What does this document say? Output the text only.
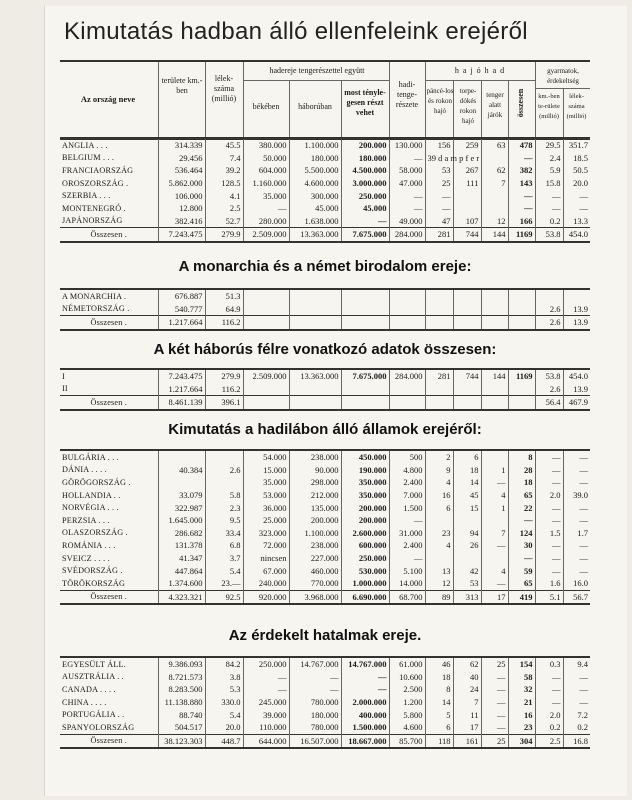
Kimutatás hadban álló ellenfeleink erejéről
Az ország neve
területe km.-ben
lélek-száma (millió)
hadereje tengerészettel együtt
békében	háborúban
most tényle-gesen részt vehet
hadi-tenge-részete
h a j ó h a d
páncé-los és rokon hajó
torpe-dókés rokon hajó
tenger alatt járók	összesen
gyarmatok, érdekeltség
km.-ben te-rülete (millió)
lélek-száma (millió)
ANGLIA . . .	314.339	45.5	380.000	1.100.000	200.000	130.000	156	259	63	478	29.5	351.7
BELGIUM . . .	29.456	7.4	50.000	180.000	180.000	—	39 d a m p f e r			—	2.4	18.5
FRANCIAORSZÁG	536.464	39.2	604.000	5.500.000	4.500.000	58.000	53	267	62	382	5.9	50.5
OROSZORSZÁG .	5.862.000	128.5	1.160.000	4.600.000	3.000.000	47.000	25	111	7	143	15.8	20.0
SZERBIA . . .	106.000	4.1	35.000	300.000	250.000	—	—			—	—	—
MONTENEGRÓ .	12.800	2.5	—	45.000	45.000	—	—			—	—	—
JAPÁNORSZÁG	382.416	52.7	280.000	1.638.000	—	49.000	47	107	12	166	0.2	13.3
Összesen .	7.243.475	279.9	2.509.000	13.363.000	7.675.000	284.000	281	744	144	1169	53.8	454.0
A monarchia és a német birodalom ereje:
A MONARCHIA .	676.887	51.3										
NÉMETORSZÁG .	540.777	64.9									2.6	13.9
Összesen .	1.217.664	116.2									2.6	13.9
A két háborús félre vonatkozó adatok összesen:
I	7.243.475	279.9	2.509.000	13.363.000	7.675.000	284.000	281	744	144	1169	53.8	454.0
II	1.217.664	116.2									2.6	13.9
Összesen .	8.461.139	396.1									56.4	467.9
Kimutatás a hadilábon álló államok erejéről:
BULGÁRIA . . .			54.000	238.000	450.000	500	2	6		8	—	—
DÁNIA . . . .	40.384	2.6	15.000	90.000	190.000	4.800	9	18	1	28	—	—
GÖRÖGORSZÁG .			35.000	298.000	350.000	2.400	4	14	—	18	—	—
HOLLANDIA . .	33.079	5.8	53.000	212.000	350.000	7.000	16	45	4	65	2.0	39.0
NORVÉGIA . . .	322.987	2.3	36.000	135.000	200.000	1.500	6	15	1	22	—	—
PERZSIA . . .	1.645.000	9.5	25.000	200.000	200.000	—				—	—	—
OLASZORSZÁG .	286.682	33.4	323.000	1.100.000	2.600.000	31.000	23	94	7	124	1.5	1.7
ROMÁNIA . . .	131.378	6.8	72.000	238.000	600.000	2.400	4	26	—	30	—	—
SVEICZ . . . .	41.347	3.7	nincsen	227.000	250.000	—				—	—	—
SVÉDORSZÁG .	447.864	5.4	67.000	460.000	530.000	5.100	13	42	4	59	—	—
TÖRÖKORSZÁG	1.374.600	23.—	240.000	770.000	1.000.000	14.000	12	53	—	65	1.6	16.0
Összesen .	4.323.321	92.5	920.000	3.968.000	6.690.000	68.700	89	313	17	419	5.1	56.7
Az érdekelt hatalmak ereje.
EGYESÜLT ÁLL.	9.386.093	84.2	250.000	14.767.000	14.767.000	61.000	46	62	25	154	0.3	9.4
AUSZTRÁLIA . .	8.721.573	3.8	—	—	—	10.600	18	40	—	58	—	—
CANADA . . . .	8.283.500	5.3	—	—	—	2.500	8	24	—	32	—	—
CHINA . . . .	11.138.880	330.0	245.000	780.000	2.000.000	1.200	14	7	—	21	—	—
PORTUGÁLIA . .	88.740	5.4	39.000	180.000	400.000	5.800	5	11	—	16	2.0	7.2
SPANYOLORSZÁG	504.517	20.0	110.000	780.000	1.500.000	4.600	6	17	—	23	0.2	0.2
Összesen .	38.123.303	448.7	644.000	16.507.000	18.667.000	85.700	118	161	25	304	2.5	16.8
